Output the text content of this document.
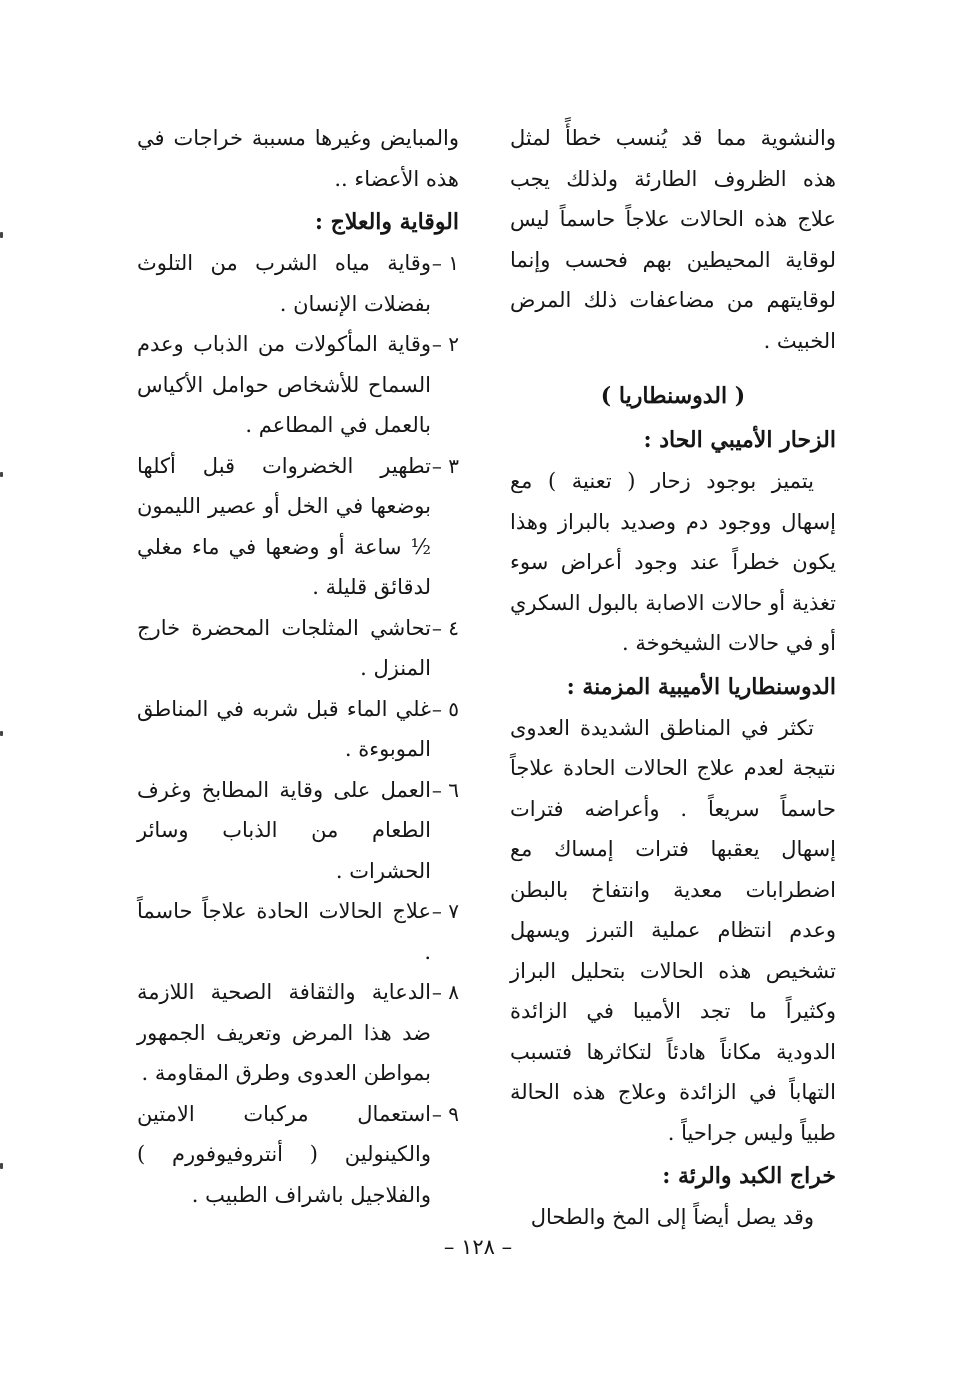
والنشوية مما قد يُنسب خطأً لمثل هذه الظروف الطارئة ولذلك يجب علاج هذه الحالات علاجاً حاسماً ليس لوقاية المحيطين بهم فحسب وإنما لوقايتهم من مضاعفات ذلك المرض الخبيث .

( الدوسنطاريا )
الزحار الأميبي الحاد :

يتميز بوجود زحار ( تعنية ) مع إسهال ووجود دم وصديد بالبراز وهذا يكون خطراً عند وجود أعراض سوء تغذية أو حالات الاصابة بالبول السكري أو في حالات الشيخوخة .

الدوسنطاريا الأميبية المزمنة :

تكثر في المناطق الشديدة العدوى نتيجة لعدم علاج الحالات الحادة علاجاً حاسماً سريعاً . وأعراضه فترات إسهال يعقبها فترات إمساك مع اضطرابات معدية وانتفاخ بالبطن وعدم انتظام عملية التبرز ويسهل تشخيص هذه الحالات بتحليل البراز وكثيراً ما تجد الأميبا في الزائدة الدودية مكاناً هادئاً لتكاثرها فتسبب التهاباً في الزائدة وعلاج هذه الحالة طبياً وليس جراحياً .

خراج الكبد والرئة :

وقد يصل أيضاً إلى المخ والطحال

والمبايض وغيرها مسببة خراجات في هذه الأعضاء ..

الوقاية والعلاج :
١ –
وقاية مياه الشرب من التلوث بفضلات الإنسان .
٢ –
وقاية المأكولات من الذباب وعدم السماح للأشخاص حوامل الأكياس بالعمل في المطاعم .
٣ –
تطهير الخضروات قبل أكلها بوضعها في الخل أو عصير الليمون ½ ساعة أو وضعها في ماء مغلي لدقائق قليلة .
٤ –
تحاشي المثلجات المحضرة خارج المنزل .
٥ –
غلي الماء قبل شربه في المناطق الموبوءة .
٦ –
العمل على وقاية المطابخ وغرف الطعام من الذباب وسائر الحشرات .
٧ –
علاج الحالات الحادة علاجاً حاسماً .
٨ –
الدعاية والثقافة الصحية اللازمة ضد هذا المرض وتعريف الجمهور بمواطن العدوى وطرق المقاومة .
٩ –
استعمال مركبات الامتين والكينولين ( أنتروفيوفورم ) والفلاجيل باشراف الطبيب .
– ١٢٨ –
